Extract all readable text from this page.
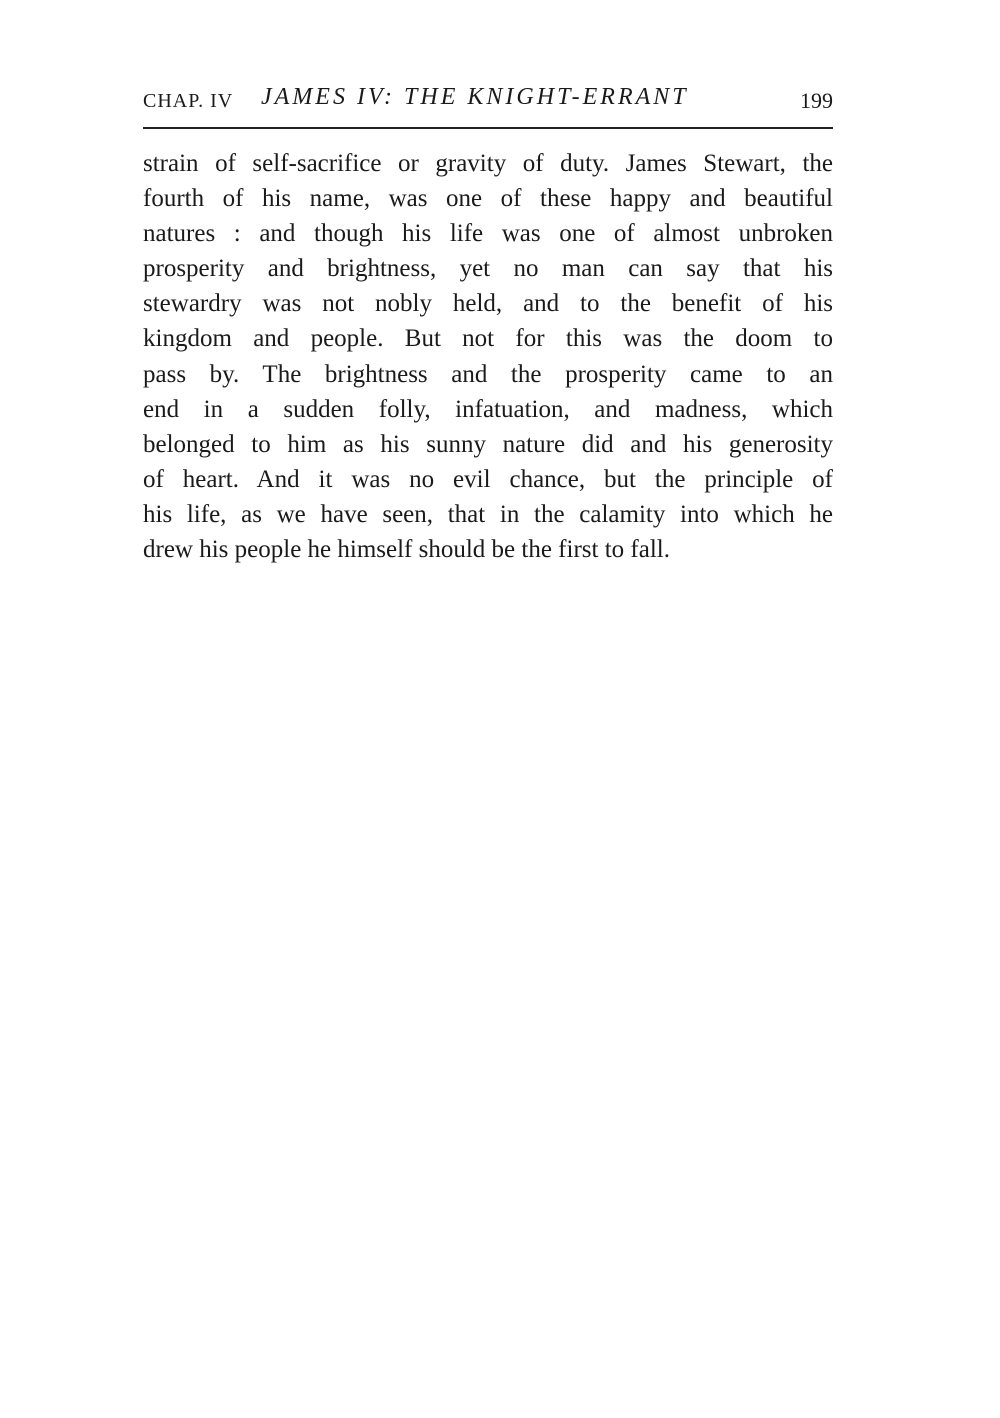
CHAP. IV JAMES IV: THE KNIGHT-ERRANT	199

strain of self-sacrifice or gravity of duty. James Stewart, the
fourth of his name, was one of these happy and beautiful
natures : and though his life was one of almost unbroken
prosperity and brightness, yet no man can say that his
stewardry was not nobly held, and to the benefit of his
kingdom and people. But not for this was the doom to
pass by. The brightness and the prosperity came to an
end in a sudden folly, infatuation, and madness, which
belonged to him as his sunny nature did and his generosity
of heart. And it was no evil chance, but the principle of
his life, as we have seen, that in the calamity into which he
drew his people he himself should be the first to fall.
